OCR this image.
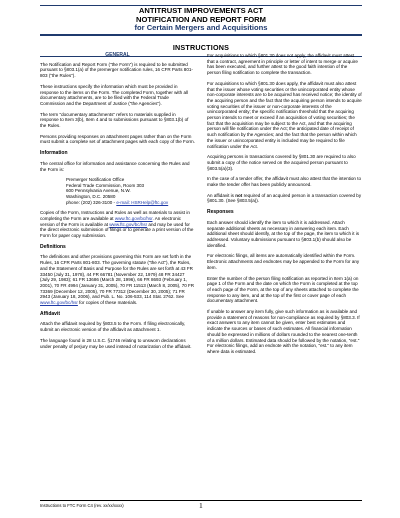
ANTITRUST IMPROVEMENTS ACT
NOTIFICATION AND REPORT FORM
for Certain Mergers and Acquisitions
INSTRUCTIONS
GENERAL

The Notification and Report Form ("the Form") is required to be submitted pursuant to §803.1(a) of the premerger notification rules, 16 CFR Parts 801-803 ("the Rules").

These instructions specify the information which must be provided in response to the items on the Form. The completed Form, together with all documentary attachments, are to be filed with the Federal Trade Commission and the Department of Justice ("the Agencies").

The term "documentary attachments" refers to materials supplied in response to Item 3(b), Item 4 and to submissions pursuant to §803.1(b) of the Rules.

Persons providing responses on attachment pages rather than on the Form must submit a complete set of attachment pages with each copy of the Form.

Information

The central office for information and assistance concerning the Rules and the Form is:

Premerger Notification Office
Federal Trade Commission, Room 303
600 Pennsylvania Avenue, N.W.
Washington, D.C. 20580
phone: (202) 326-3100 - e-mail: HSRHelp@ftc.gov

Copies of the Form, Instructions and Rules as well as materials to assist in completing the Form are available at www.ftc.gov/bc/hsr. An electronic version of the Form is available at www.ftc.gov/bc/hsr and may be used for the direct electronic submission of filings or to generate a print version of the Form for paper copy submission.

Definitions

The definitions and other provisions governing this Form are set forth in the Rules, 16 CFR Parts 801-803. The governing statute ("the Act"), the Rules, and the Statement of Basis and Purpose for the Rules are set forth at 43 FR 33450 (July 31, 1978), 44 FR 66781 (November 22, 1979) 48 FR 34427 (July 29, 1983); 61 FR 13686 (March 28, 1996), 66 FR 8693 (February 1, 2001), 70 FR 4994 (January 31, 2005), 70 FR 11513 (March 8, 2005), 70 FR 73369 (December 12, 2005), 70 FR 77312 (December 30, 2005); 71 FR 2943 (January 18, 2006), and Pub. L. No. 106-533, 114 Stat. 2762. See www.ftc.gov/bc/hsr for copies of these materials.

Affidavit

Attach the affidavit required by §803.5 to the Form. If filing electronically, submit an electronic version of the affidavit as attachment 1.

The language found in 28 U.S.C. §1746 relating to unsworn declarations under penalty of perjury may be used instead of notarization of the affidavit.

For acquisitions to which §801.30 does not apply, the affidavit must attest that a contract, agreement in principle or letter of intent to merge or acquire has been executed, and further attest to the good faith intention of the person filing notification to complete the transaction.

For acquisitions to which §801.30 does apply, the affidavit must also attest that the issuer whose voting securities or the unincorporated entity whose non-corporate interests are to be acquired has received notice; the identity of the acquiring person and the fact that the acquiring person intends to acquire voting securities of the issuer or non-corporate interests of the unincorporated entity; the specific notification threshold that the acquiring person intends to meet or exceed if an acquisition of voting securities; the fact that the acquisition may be subject to the Act, and that the acquiring person will file notification under the Act; the anticipated date of receipt of such notification by the Agencies; and the fact that the person within which the issuer or unincorporated entity is included may be required to file notification under the Act.

Acquiring persons in transactions covered by §801.30 are required to also submit a copy of the notice served on the acquired person pursuant to §803.5(a)(3).

In the case of a tender offer, the affidavit must also attest that the intention to make the tender offer has been publicly announced.

An affidavit is not required of an acquired person in a transaction covered by §801.30. (See §803.5(a)).

Responses

Each answer should identify the item to which it is addressed. Attach separate additional sheets as necessary in answering each item. Each additional sheet should identify, at the top of the page, the item to which it is addressed. Voluntary submissions pursuant to §803.1(b) should also be identified.

For electronic filings, all items are automatically identified within the Form. Electronic attachments and endnotes may be appended to the Form for any item.

Enter the number of the person filing notification as reported in Item 1(a) on page 1 of the Form and the date on which the Form is completed at the top of each page of the Form, at the top of any sheets attached to complete the response to any item, and at the top of the first or cover page of each documentary attachment.

If unable to answer any item fully, give such information as is available and provide a statement of reasons for non-compliance as required by §803.3. If exact answers to any item cannot be given, enter best estimates and indicate the sources or bases of such estimates. All financial information should be expressed in millions of dollars rounded to the nearest one-tenth of a million dollars. Estimated data should be followed by the notation, "est." For electronic filings, add an endnote with the notation, "est." to any item where data is estimated.

Instructions to FTC Form C4 (rev. xx/xx/xxxx)	1
